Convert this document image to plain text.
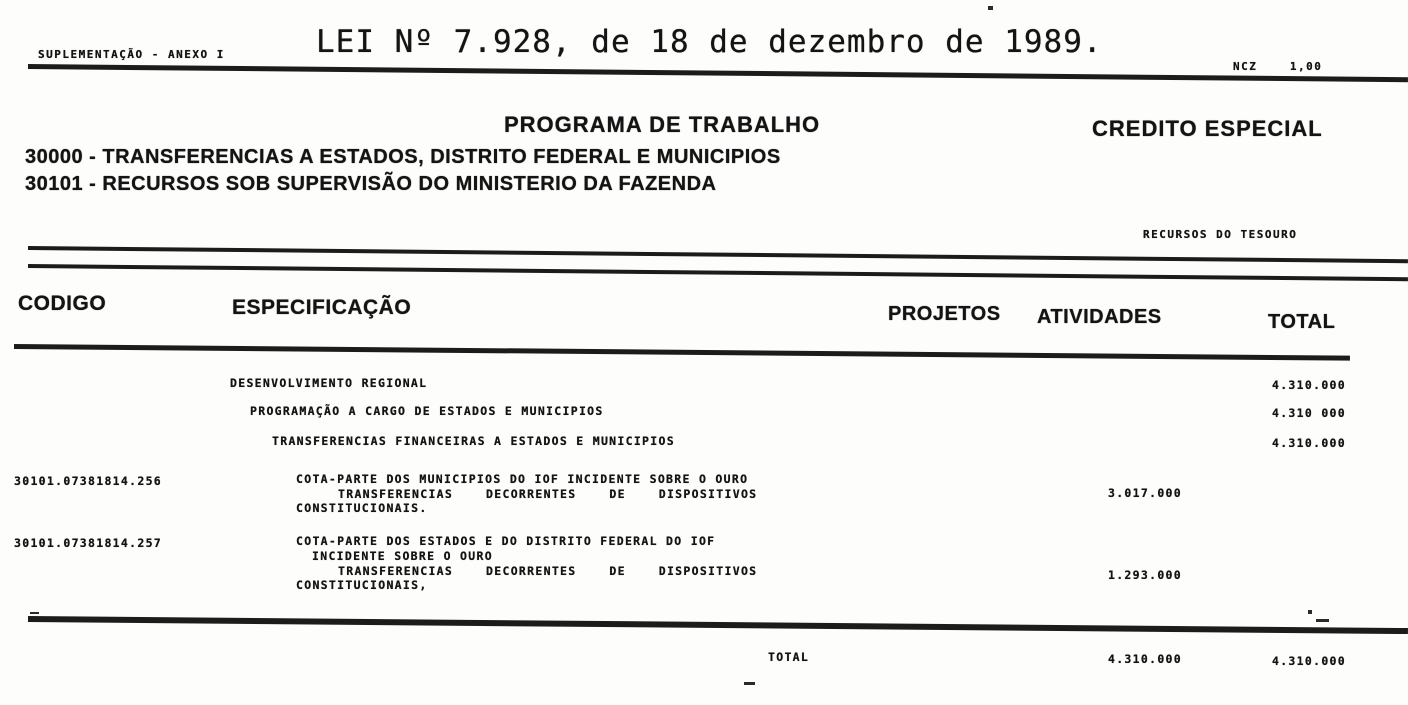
SUPLEMENTAÇÃO - ANEXO I	LEI Nº 7.928, de 18 de dezembro de 1989.
NCZ    1,00
PROGRAMA DE TRABALHO	CREDITO ESPECIAL
30000 - TRANSFERENCIAS A ESTADOS, DISTRITO FEDERAL E MUNICIPIOS
30101 - RECURSOS SOB SUPERVISÃO DO MINISTERIO DA FAZENDA
RECURSOS DO TESOURO
CODIGO	ESPECIFICAÇÃO	PROJETOS ATIVIDADES	TOTAL
DESENVOLVIMENTO REGIONAL	4.310.000
PROGRAMAÇÃO A CARGO DE ESTADOS E MUNICIPIOS	4.310 000
TRANSFERENCIAS FINANCEIRAS A ESTADOS E MUNICIPIOS	4.310.000
30101.07381814.256	COTA-PARTE DOS MUNICIPIOS DO IOF INCIDENTE SOBRE O OURO
TRANSFERENCIAS    DECORRENTES    DE    DISPOSITIVOS
CONSTITUCIONAIS.
3.017.000
30101.07381814.257	COTA-PARTE DOS ESTADOS E DO DISTRITO FEDERAL DO IOF
INCIDENTE SOBRE O OURO
TRANSFERENCIAS    DECORRENTES    DE    DISPOSITIVOS
CONSTITUCIONAIS,
1.293.000
TOTAL	4.310.000	4.310.000
